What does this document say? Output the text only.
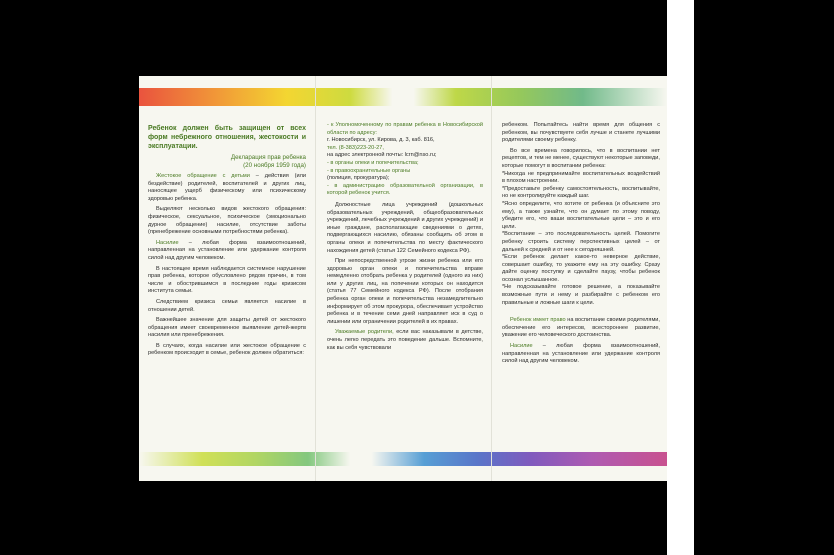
Ребенок должен быть защищен от всех форм небрежного отношения, жестокости и эксплуатации.

Декларация прав ребенка

(20 ноября 1959 года)

Жестокое обращение с детьми – действия (или бездействие) родителей, воспитателей и других лиц, наносящее ущерб физическому или психическому здоровью ребенка.

Выделяют несколько видов жестокого обращения: физическое, сексуальное, психическое (эмоционально дурное обращение) насилие, отсутствие заботы (пренебрежение основными потребностями ребенка).

Насилие – любая форма взаимоотношений, направленная на установление или удержание контроля силой над другим человеком.

В настоящее время наблюдается системное нарушение прав ребенка, которое обусловлено рядом причин, в том числе и обострившимся в последние годы кризисом института семьи.

Следствием кризиса семьи является насилие в отношении детей.

Важнейшее значение для защиты детей от жестокого обращения имеет своевременное выявление детей-жертв насилия или пренебрежения.

В случаях, когда насилие или жестокое обращение с ребенком происходит в семье, ребенок должен обратиться:

- к Уполномоченному по правам ребенка в Новосибирской области по адресу:
г. Новосибирск, ул. Кирова, д. 3, каб. 816,
тел. (8-383)223-20-27,
на адрес электронной почты: lcrn@nso.ru;
- в органы опеки и попечительства;
- в правоохранительные органы
(полиция, прокуратура);
- в администрацию образовательной организации, в которой ребенок учится.

Должностные лица учреждений (дошкольных образовательных учреждений, общеобразовательных учреждений, лечебных учреждений и других учреждений) и иные граждане, располагающие сведениями о детях, подвергающихся насилию, обязаны сообщить об этом в органы опеки и попечительства по месту фактического нахождения детей (статья 122 Семейного кодекса РФ).

При непосредственной угрозе жизни ребенка или его здоровью орган опеки и попечительства вправе немедленно отобрать ребенка у родителей (одного из них) или у других лиц, на попечении которых он находится (статья 77 Семейного кодекса РФ). После отобрания ребенка орган опеки и попечительства незамедлительно информирует об этом прокурора, обеспечивает устройство ребенка и в течение семи дней направляет иск в суд о лишении или ограничении родителей в их правах.

Уважаемые родители, если вас наказывали в детстве, очень легко передать это поведение дальше. Вспомните, как вы себя чувствовали

ребенком. Попытайтесь найти время для общения с ребенком, вы почувствуете себя лучше и станете лучшими родителями своему ребенку.

Во все времена говорилось, что в воспитании нет рецептов, и тем не менее, существуют некоторые заповеди, которые помогут в воспитании ребенка:

*Никогда не предпринимайте воспитательных воздействий в плохом настроении.
*Предоставьте ребенку самостоятельность, воспитывайте, но не контролируйте каждый шаг.
*Ясно определите, что хотите от ребенка (и объясните это ему), а также узнайте, что он думает по этому поводу, убедите его, что ваши воспитательные цели – это и его цели.
*Воспитание – это последовательность целей. Помогите ребенку строить систему перспективных целей – от дальней к средней и от нее к сегодняшней.
*Если ребенок делает какое-то неверное действие, совершает ошибку, то укажите ему на эту ошибку. Сразу дайте оценку поступку и сделайте паузу, чтобы ребенок осознал услышанное.
*Не подсказывайте готовое решение, а показывайте возможные пути и нему и разбирайте с ребенком его правильные и ложные шаги к цели.

Ребенок имеет право на воспитание своими родителями, обеспечение его интересов, всестороннее развитие, уважение его человеческого достоинства.

Насилие – любая форма взаимоотношений, направленная на установление или удержание контроля силой над другим человеком.
